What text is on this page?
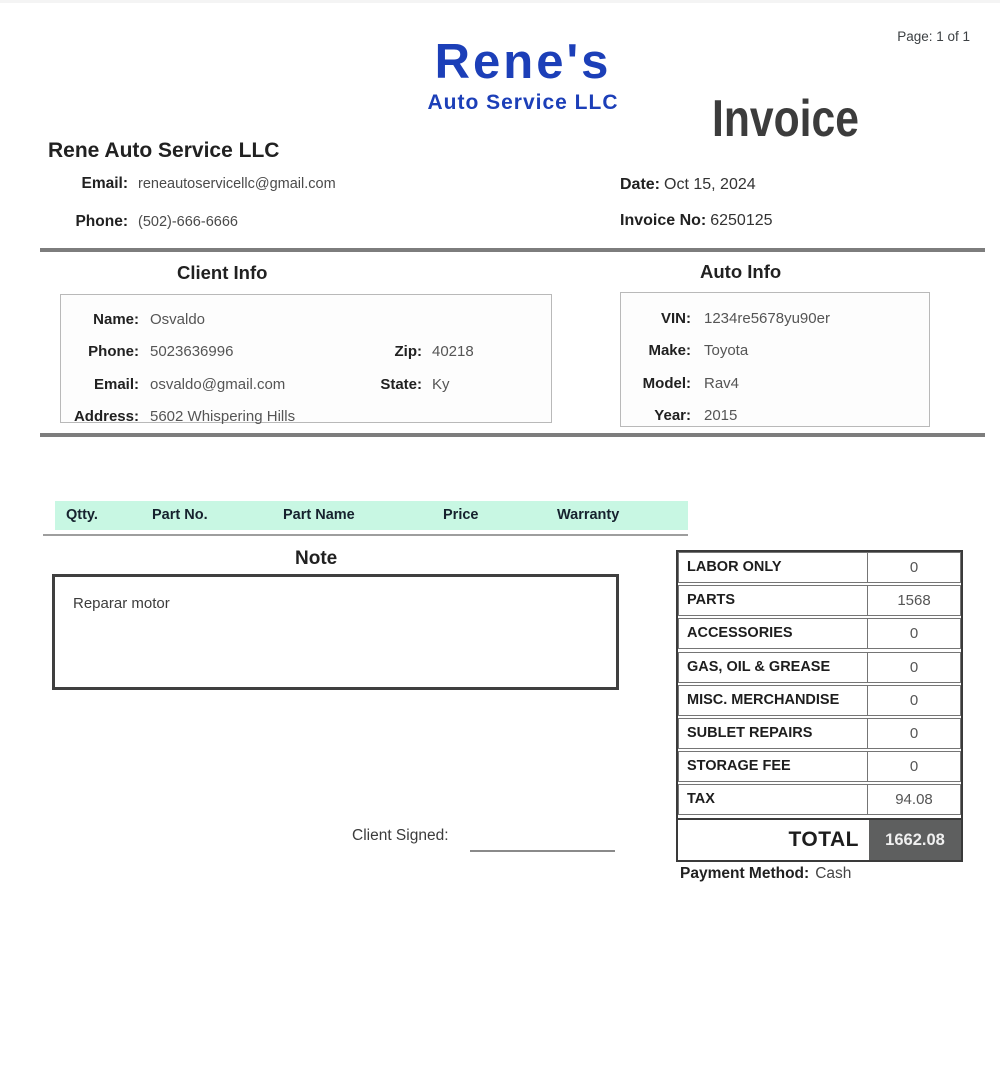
Page: 1 of 1
Rene's
Auto Service LLC	Invoice
Rene Auto Service LLC
Email: reneautoservicellc@gmail.com
Phone: (502)-666-6666
Date: Oct 15, 2024
Invoice No: 6250125
Client Info
Name: Osvaldo
Phone: 5023636996	Zip: 40218
Email: osvaldo@gmail.com	State: Ky
Address: 5602 Whispering Hills
Auto Info
VIN: 1234re5678yu90er
Make: Toyota
Model: Rav4
Year: 2015
Qtty.	Part No.	Part Name	Price	Warranty
Note
Reparar motor
LABOR ONLY	0
PARTS	1568
ACCESSORIES	0
GAS, OIL & GREASE	0
MISC. MERCHANDISE	0
SUBLET REPAIRS	0
STORAGE FEE	0
TAX	94.08
TOTAL	1662.08
Payment Method: Cash
Client Signed:
